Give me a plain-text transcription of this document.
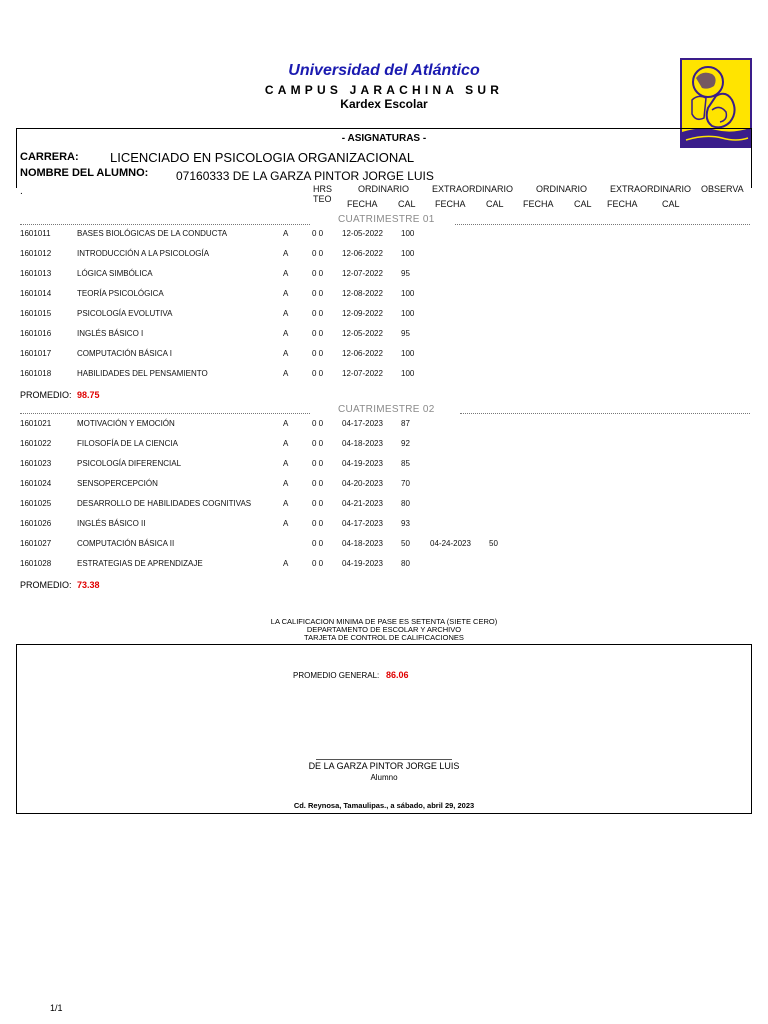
Universidad del Atlántico
CAMPUS JARACHINA SUR
Kardex Escolar
- ASIGNATURAS -
CARRERA: LICENCIADO EN PSICOLOGIA ORGANIZACIONAL
NOMBRE DEL ALUMNO: 07160333 DE LA GARZA PINTOR JORGE LUIS
.	HRS
TEO
ORDINARIO	EXTRAORDINARIO	ORDINARIO	EXTRAORDINARIO OBSERVA
FECHA CAL FECHA CAL FECHA CAL FECHA	CAL
CUATRIMESTRE 01
1601011	BASES BIOLÓGICAS DE LA CONDUCTA	A	0 0 12-05-2022 100
1601012	INTRODUCCIÓN A LA PSICOLOGÍA	A	0 0 12-06-2022 100
1601013	LÓGICA SIMBÓLICA	A	0 0 12-07-2022 95
1601014	TEORÍA PSICOLÓGICA	A	0 0 12-08-2022 100
1601015	PSICOLOGÍA EVOLUTIVA	A	0 0 12-09-2022 100
1601016	INGLÉS BÁSICO I	A	0 0 12-05-2022 95
1601017	COMPUTACIÓN BÁSICA I	A	0 0 12-06-2022 100
1601018	HABILIDADES DEL PENSAMIENTO	A	0 0 12-07-2022 100
PROMEDIO: 98.75
CUATRIMESTRE 02
1601021	MOTIVACIÓN Y EMOCIÓN	A	0 0 04-17-2023 87
1601022	FILOSOFÍA DE LA CIENCIA	A	0 0 04-18-2023 92
1601023	PSICOLOGÍA DIFERENCIAL	A	0 0 04-19-2023 85
1601024	SENSOPERCEPCIÓN	A	0 0 04-20-2023 70
1601025	DESARROLLO DE HABILIDADES COGNITIVAS	A	0 0 04-21-2023 80
1601026	INGLÉS BÁSICO II	A	0 0 04-17-2023 93
1601027	COMPUTACIÓN BÁSICA II	0 0 04-18-2023 50	04-24-2023 50
1601028	ESTRATEGIAS DE APRENDIZAJE	A	0 0 04-19-2023 80
PROMEDIO: 73.38
LA CALIFICACION MINIMA DE PASE ES SETENTA (SIETE CERO)
DEPARTAMENTO DE ESCOLAR Y ARCHIVO
TARJETA DE CONTROL DE CALIFICACIONES
PROMEDIO GENERAL: 86.06
DE LA GARZA PINTOR JORGE LUIS
Alumno
Cd. Reynosa, Tamaulipas., a sábado, abril 29, 2023
1/1
